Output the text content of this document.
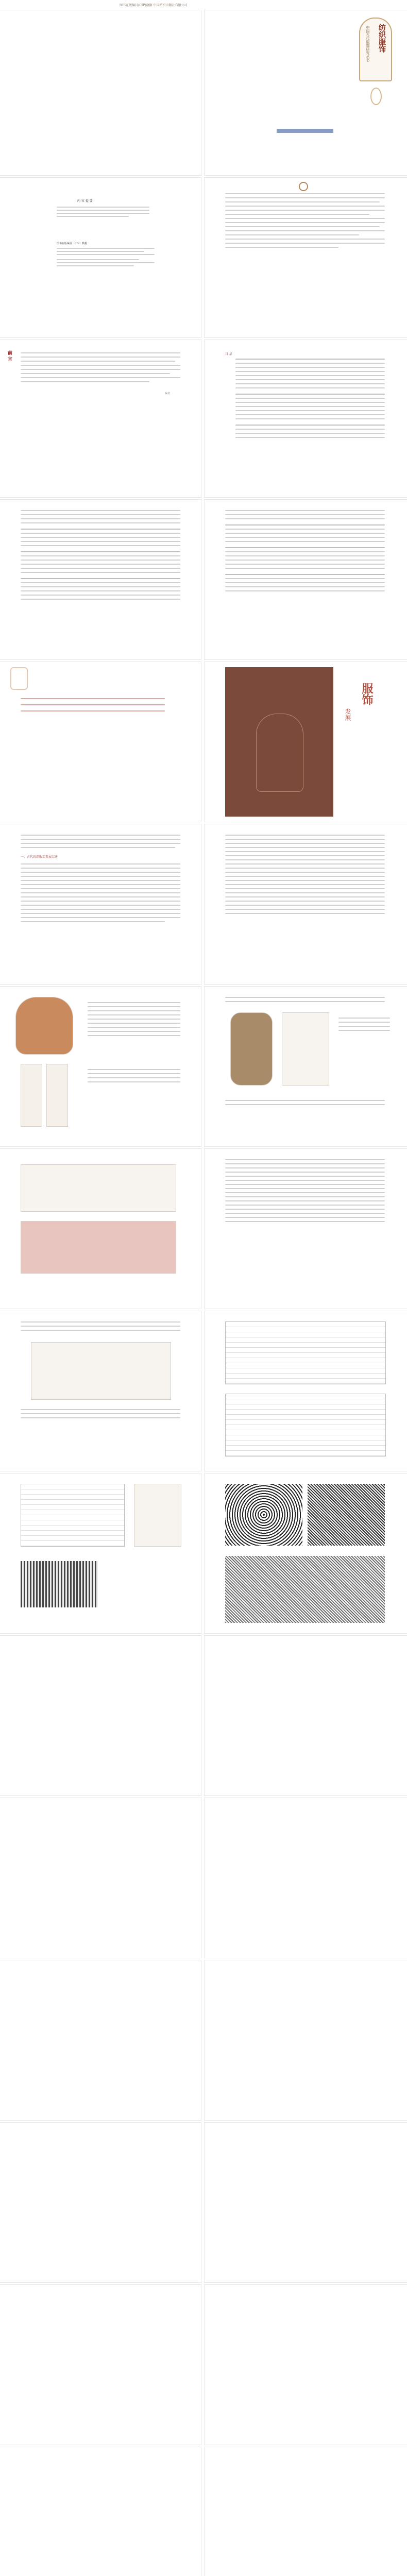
图书在版编目(CIP)数据 中国纺织出版社有限公司
纺织服饰
中国古代服饰研究丛书
内 容 提 要
图书在版编目（CIP）数据
前 言
编者
目 录
服饰
发展
一、古代纺织服装发展综述
